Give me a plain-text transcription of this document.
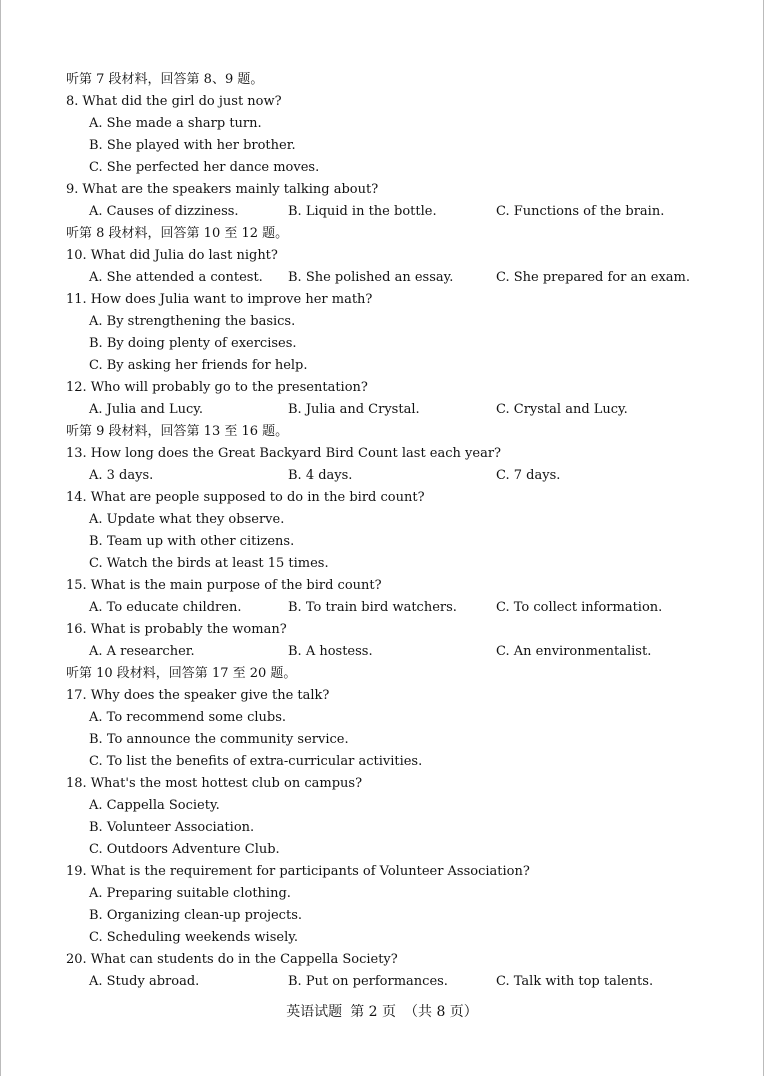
听第 7 段材料，回答第 8、9 题。
8. What did the girl do just now?
A. She made a sharp turn.
B. She played with her brother.
C. She perfected her dance moves.
9. What are the speakers mainly talking about?
A. Causes of dizziness.	B. Liquid in the bottle.	C. Functions of the brain.
听第 8 段材料，回答第 10 至 12 题。
10. What did Julia do last night?
A. She attended a contest. B. She polished an essay.	C. She prepared for an exam.
11. How does Julia want to improve her math?
A. By strengthening the basics.
B. By doing plenty of exercises.
C. By asking her friends for help.
12. Who will probably go to the presentation?
A. Julia and Lucy.	B. Julia and Crystal.	C. Crystal and Lucy.
听第 9 段材料，回答第 13 至 16 题。
13. How long does the Great Backyard Bird Count last each year?
A. 3 days.	B. 4 days.	C. 7 days.
14. What are people supposed to do in the bird count?
A. Update what they observe.
B. Team up with other citizens.
C. Watch the birds at least 15 times.
15. What is the main purpose of the bird count?
A. To educate children.	B. To train bird watchers.	C. To collect information.
16. What is probably the woman?
A. A researcher.	B. A hostess.	C. An environmentalist.
听第 10 段材料，回答第 17 至 20 题。
17. Why does the speaker give the talk?
A. To recommend some clubs.
B. To announce the community service.
C. To list the benefits of extra-curricular activities.
18. What's the most hottest club on campus?
A. Cappella Society.
B. Volunteer Association.
C. Outdoors Adventure Club.
19. What is the requirement for participants of Volunteer Association?
A. Preparing suitable clothing.
B. Organizing clean-up projects.
C. Scheduling weekends wisely.
20. What can students do in the Cappella Society?
A. Study abroad.	B. Put on performances.	C. Talk with top talents.
英语试题 第 2 页 （共 8 页）
